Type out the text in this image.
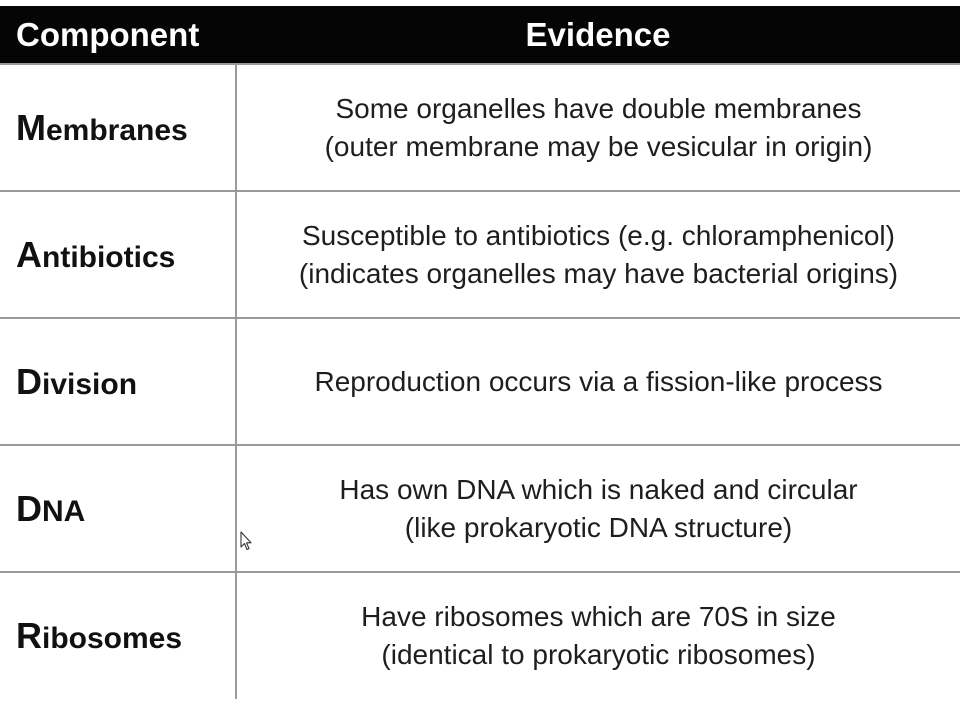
Component	Evidence
Membranes	Some organelles have double membranes
(outer membrane may be vesicular in origin)

Antibiotics	Susceptible to antibiotics (e.g. chloramphenicol)
(indicates organelles may have bacterial origins)

Division	Reproduction occurs via a fission-like process

DNA	Has own DNA which is naked and circular
(like prokaryotic DNA structure)

Ribosomes	Have ribosomes which are 70S in size
(identical to prokaryotic ribosomes)
